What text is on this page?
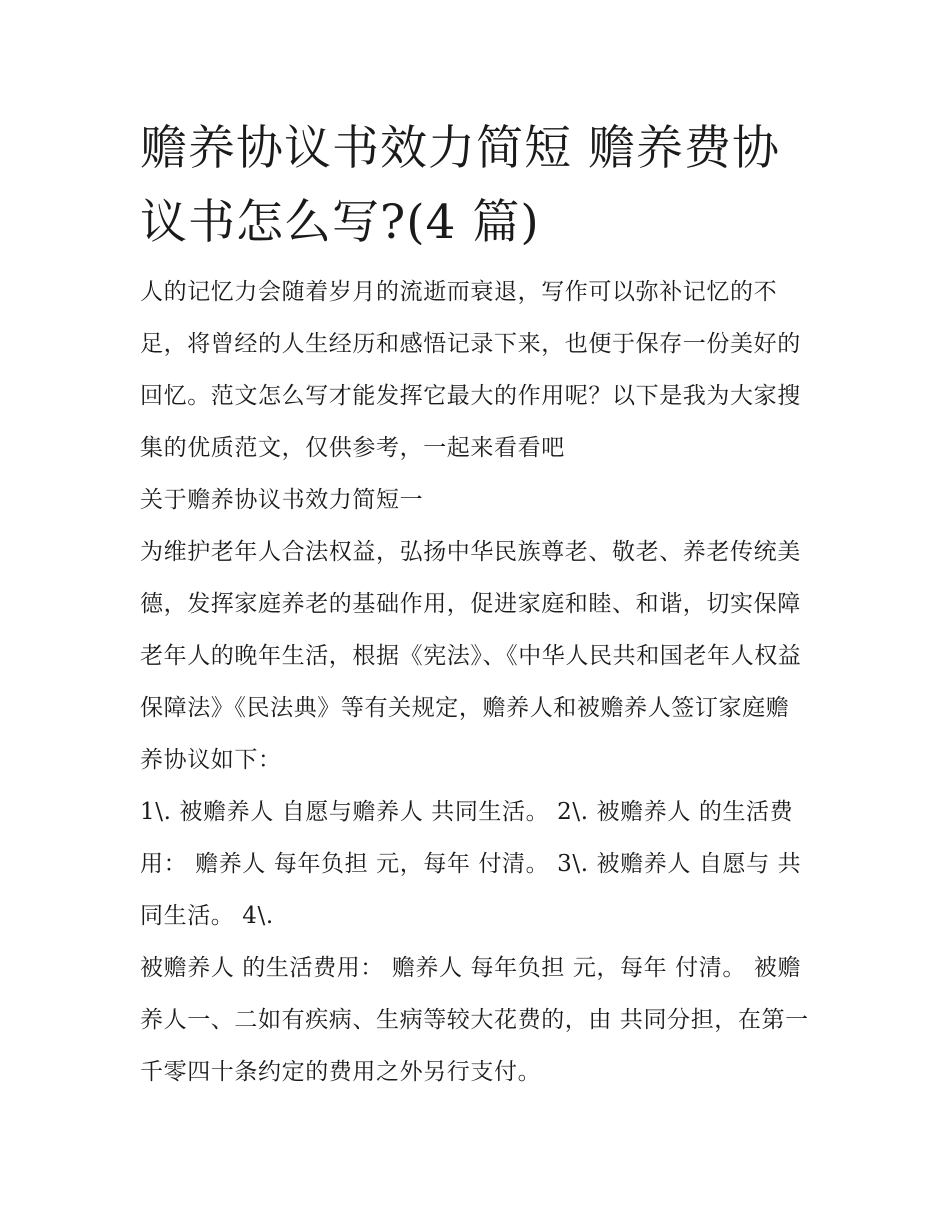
赡养协议书效力简短 赡养费协议书怎么写?(4 篇)

人的记忆力会随着岁月的流逝而衰退，写作可以弥补记忆的不足，将曾经的人生经历和感悟记录下来，也便于保存一份美好的回忆。范文怎么写才能发挥它最大的作用呢？以下是我为大家搜集的优质范文，仅供参考，一起来看看吧

关于赡养协议书效力简短一

为维护老年人合法权益，弘扬中华民族尊老、敬老、养老传统美德，发挥家庭养老的基础作用，促进家庭和睦、和谐，切实保障老年人的晚年生活，根据《宪法》、《中华人民共和国老年人权益保障法》《民法典》等有关规定，赡养人和被赡养人签订家庭赡养协议如下：

1\. 被赡养人 自愿与赡养人 共同生活。 2\. 被赡养人 的生活费用： 赡养人 每年负担 元，每年 付清。 3\. 被赡养人 自愿与 共同生活。 4\.

被赡养人 的生活费用： 赡养人 每年负担 元，每年 付清。 被赡养人一、二如有疾病、生病等较大花费的，由 共同分担，在第一千零四十条约定的费用之外另行支付。
